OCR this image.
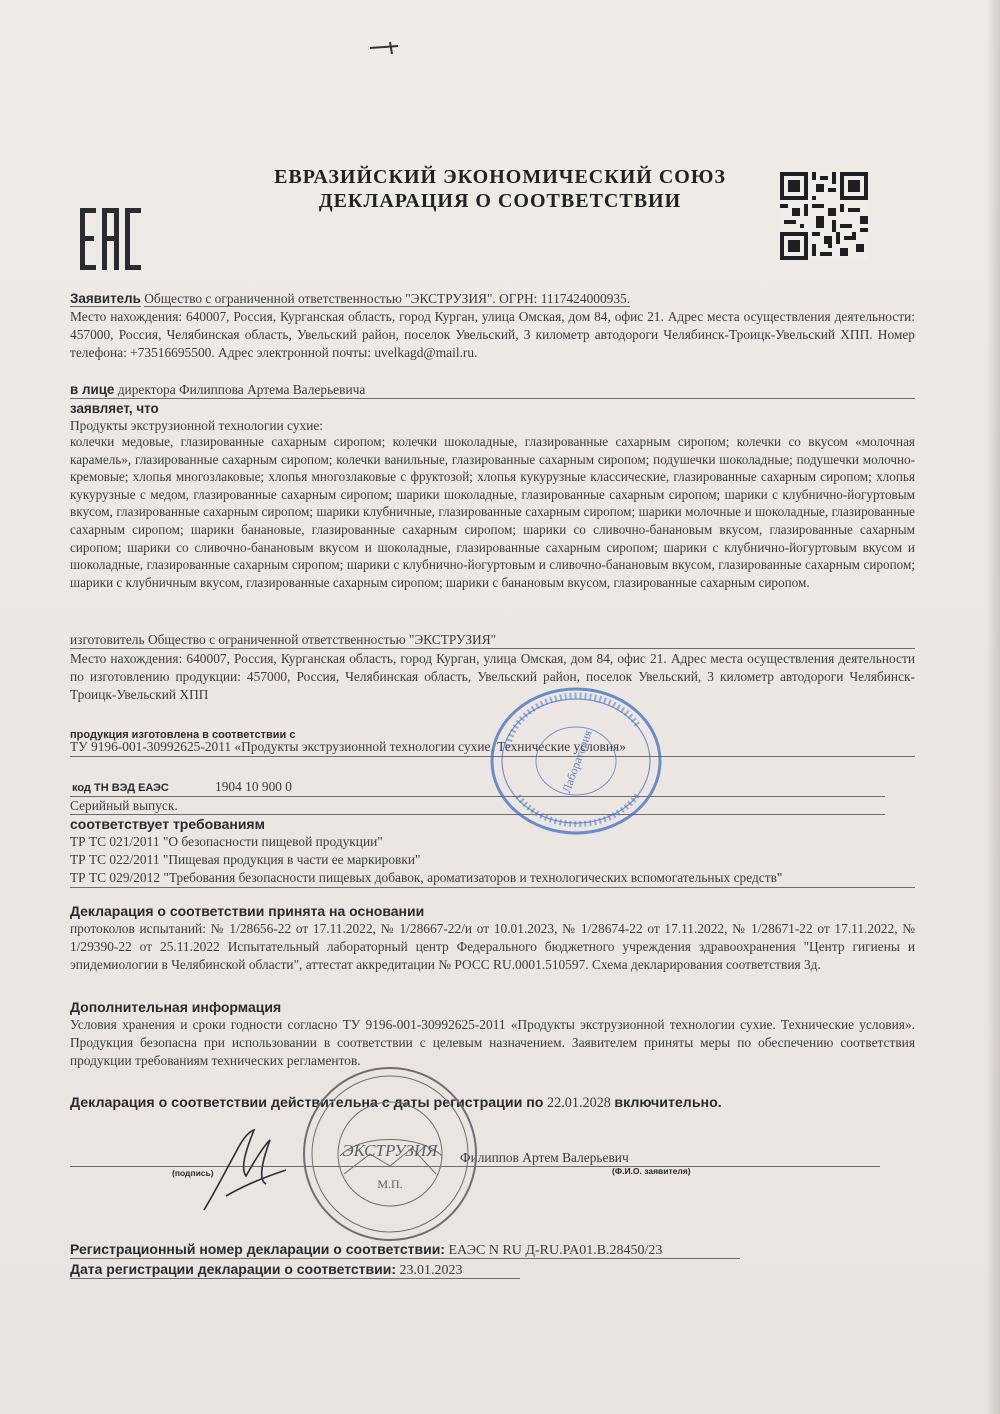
EAC
ЕВРАЗИЙСКИЙ ЭКОНОМИЧЕСКИЙ СОЮЗ
ДЕКЛАРАЦИЯ О СООТВЕТСТВИИ
Заявитель Общество с ограниченной ответственностью "ЭКСТРУЗИЯ". ОГРН: 1117424000935.
Место нахождения: 640007, Россия, Курганская область, город Курган, улица Омская, дом 84, офис 21. Адрес места осуществления деятельности: 457000, Россия, Челябинская область, Увельский район, поселок Увельский, 3 километр автодороги Челябинск-Троицк-Увельский ХПП. Номер телефона: +73516695500. Адрес электронной почты: uvelkagd@mail.ru.
в лице директора Филиппова Артема Валерьевича
заявляет, что
Продукты экструзионной технологии сухие:
колечки медовые, глазированные сахарным сиропом; колечки шоколадные, глазированные сахарным сиропом; колечки со вкусом «молочная карамель», глазированные сахарным сиропом; колечки ванильные, глазированные сахарным сиропом; подушечки шоколадные; подушечки молочно-кремовые; хлопья многозлаковые; хлопья многозлаковые с фруктозой; хлопья кукурузные классические, глазированные сахарным сиропом; хлопья кукурузные с медом, глазированные сахарным сиропом; шарики шоколадные, глазированные сахарным сиропом; шарики с клубнично-йогуртовым вкусом, глазированные сахарным сиропом; шарики клубничные, глазированные сахарным сиропом; шарики молочные и шоколадные, глазированные сахарным сиропом; шарики банановые, глазированные сахарным сиропом; шарики со сливочно-банановым вкусом, глазированные сахарным сиропом; шарики со сливочно-банановым вкусом и шоколадные, глазированные сахарным сиропом; шарики с клубнично-йогуртовым вкусом и шоколадные, глазированные сахарным сиропом; шарики с клубнично-йогуртовым и сливочно-банановым вкусом, глазированные сахарным сиропом; шарики с клубничным вкусом, глазированные сахарным сиропом; шарики с банановым вкусом, глазированные сахарным сиропом.
изготовитель Общество с ограниченной ответственностью "ЭКСТРУЗИЯ"
Место нахождения: 640007, Россия, Курганская область, город Курган, улица Омская, дом 84, офис 21. Адрес места осуществления деятельности по изготовлению продукции: 457000, Россия, Челябинская область, Увельский район, поселок Увельский, 3 километр автодороги Челябинск-Троицк-Увельский ХПП
продукция изготовлена в соответствии с
ТУ 9196-001-30992625-2011 «Продукты экструзионной технологии сухие. Технические условия»
код ТН ВЭД ЕАЭС	1904 10 900 0
Серийный выпуск.
соответствует требованиям
ТР ТС 021/2011 "О безопасности пищевой продукции"
ТР ТС 022/2011 "Пищевая продукция в части ее маркировки"
ТР ТС 029/2012 "Требования безопасности пищевых добавок, ароматизаторов и технологических вспомогательных средств"
Декларация о соответствии принята на основании
протоколов испытаний: № 1/28656-22 от 17.11.2022, № 1/28667-22/и от 10.01.2023, № 1/28674-22 от 17.11.2022, № 1/28671-22 от 17.11.2022, № 1/29390-22 от 25.11.2022 Испытательный лабораторный центр Федерального бюджетного учреждения здравоохранения "Центр гигиены и эпидемиологии в Челябинской области", аттестат аккредитации № РОСС RU.0001.510597. Схема декларирования соответствия 3д.
Дополнительная информация
Условия хранения и сроки годности согласно ТУ 9196-001-30992625-2011 «Продукты экструзионной технологии сухие. Технические условия». Продукция безопасна при использовании в соответствии с целевым назначением. Заявителем приняты меры по обеспечению соответствия продукции требованиям технических регламентов.
Декларация о соответствии действительна с даты регистрации по 22.01.2028 включительно.
Филиппов Артем Валерьевич
(подпись)	(Ф.И.О. заявителя)
ЭКСТРУЗИЯ
М.П.
Лаборатория
Регистрационный номер декларации о соответствии: ЕАЭС N RU Д-RU.PA01.B.28450/23
Дата регистрации декларации о соответствии: 23.01.2023
